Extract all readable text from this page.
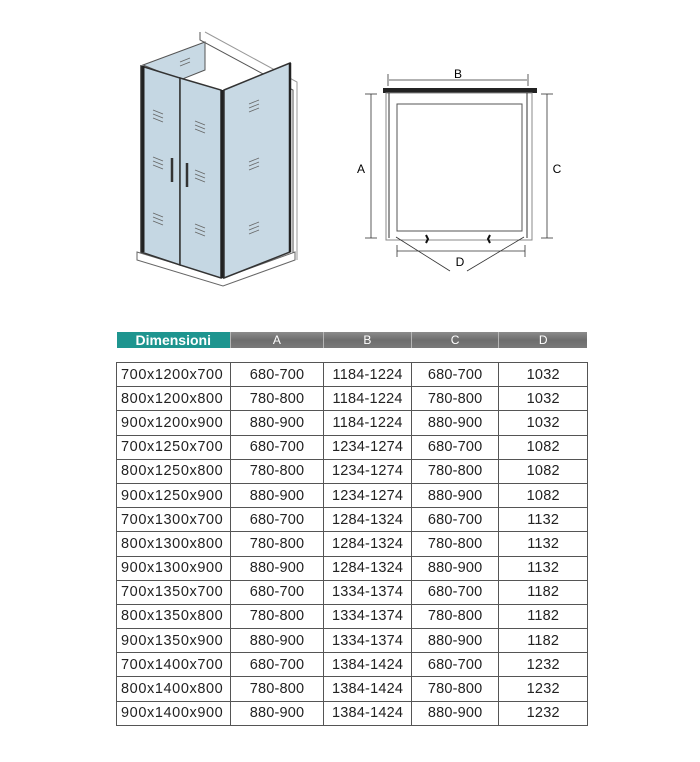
B
A	C
D
Dimensioni	A	B	C	D
700x1200x700	680-700	1184-1224	680-700	1032
800x1200x800	780-800	1184-1224	780-800	1032
900x1200x900	880-900	1184-1224	880-900	1032
700x1250x700	680-700	1234-1274	680-700	1082
800x1250x800	780-800	1234-1274	780-800	1082
900x1250x900	880-900	1234-1274	880-900	1082
700x1300x700	680-700	1284-1324	680-700	1132
800x1300x800	780-800	1284-1324	780-800	1132
900x1300x900	880-900	1284-1324	880-900	1132
700x1350x700	680-700	1334-1374	680-700	1182
800x1350x800	780-800	1334-1374	780-800	1182
900x1350x900	880-900	1334-1374	880-900	1182
700x1400x700	680-700	1384-1424	680-700	1232
800x1400x800	780-800	1384-1424	780-800	1232
900x1400x900	880-900	1384-1424	880-900	1232
